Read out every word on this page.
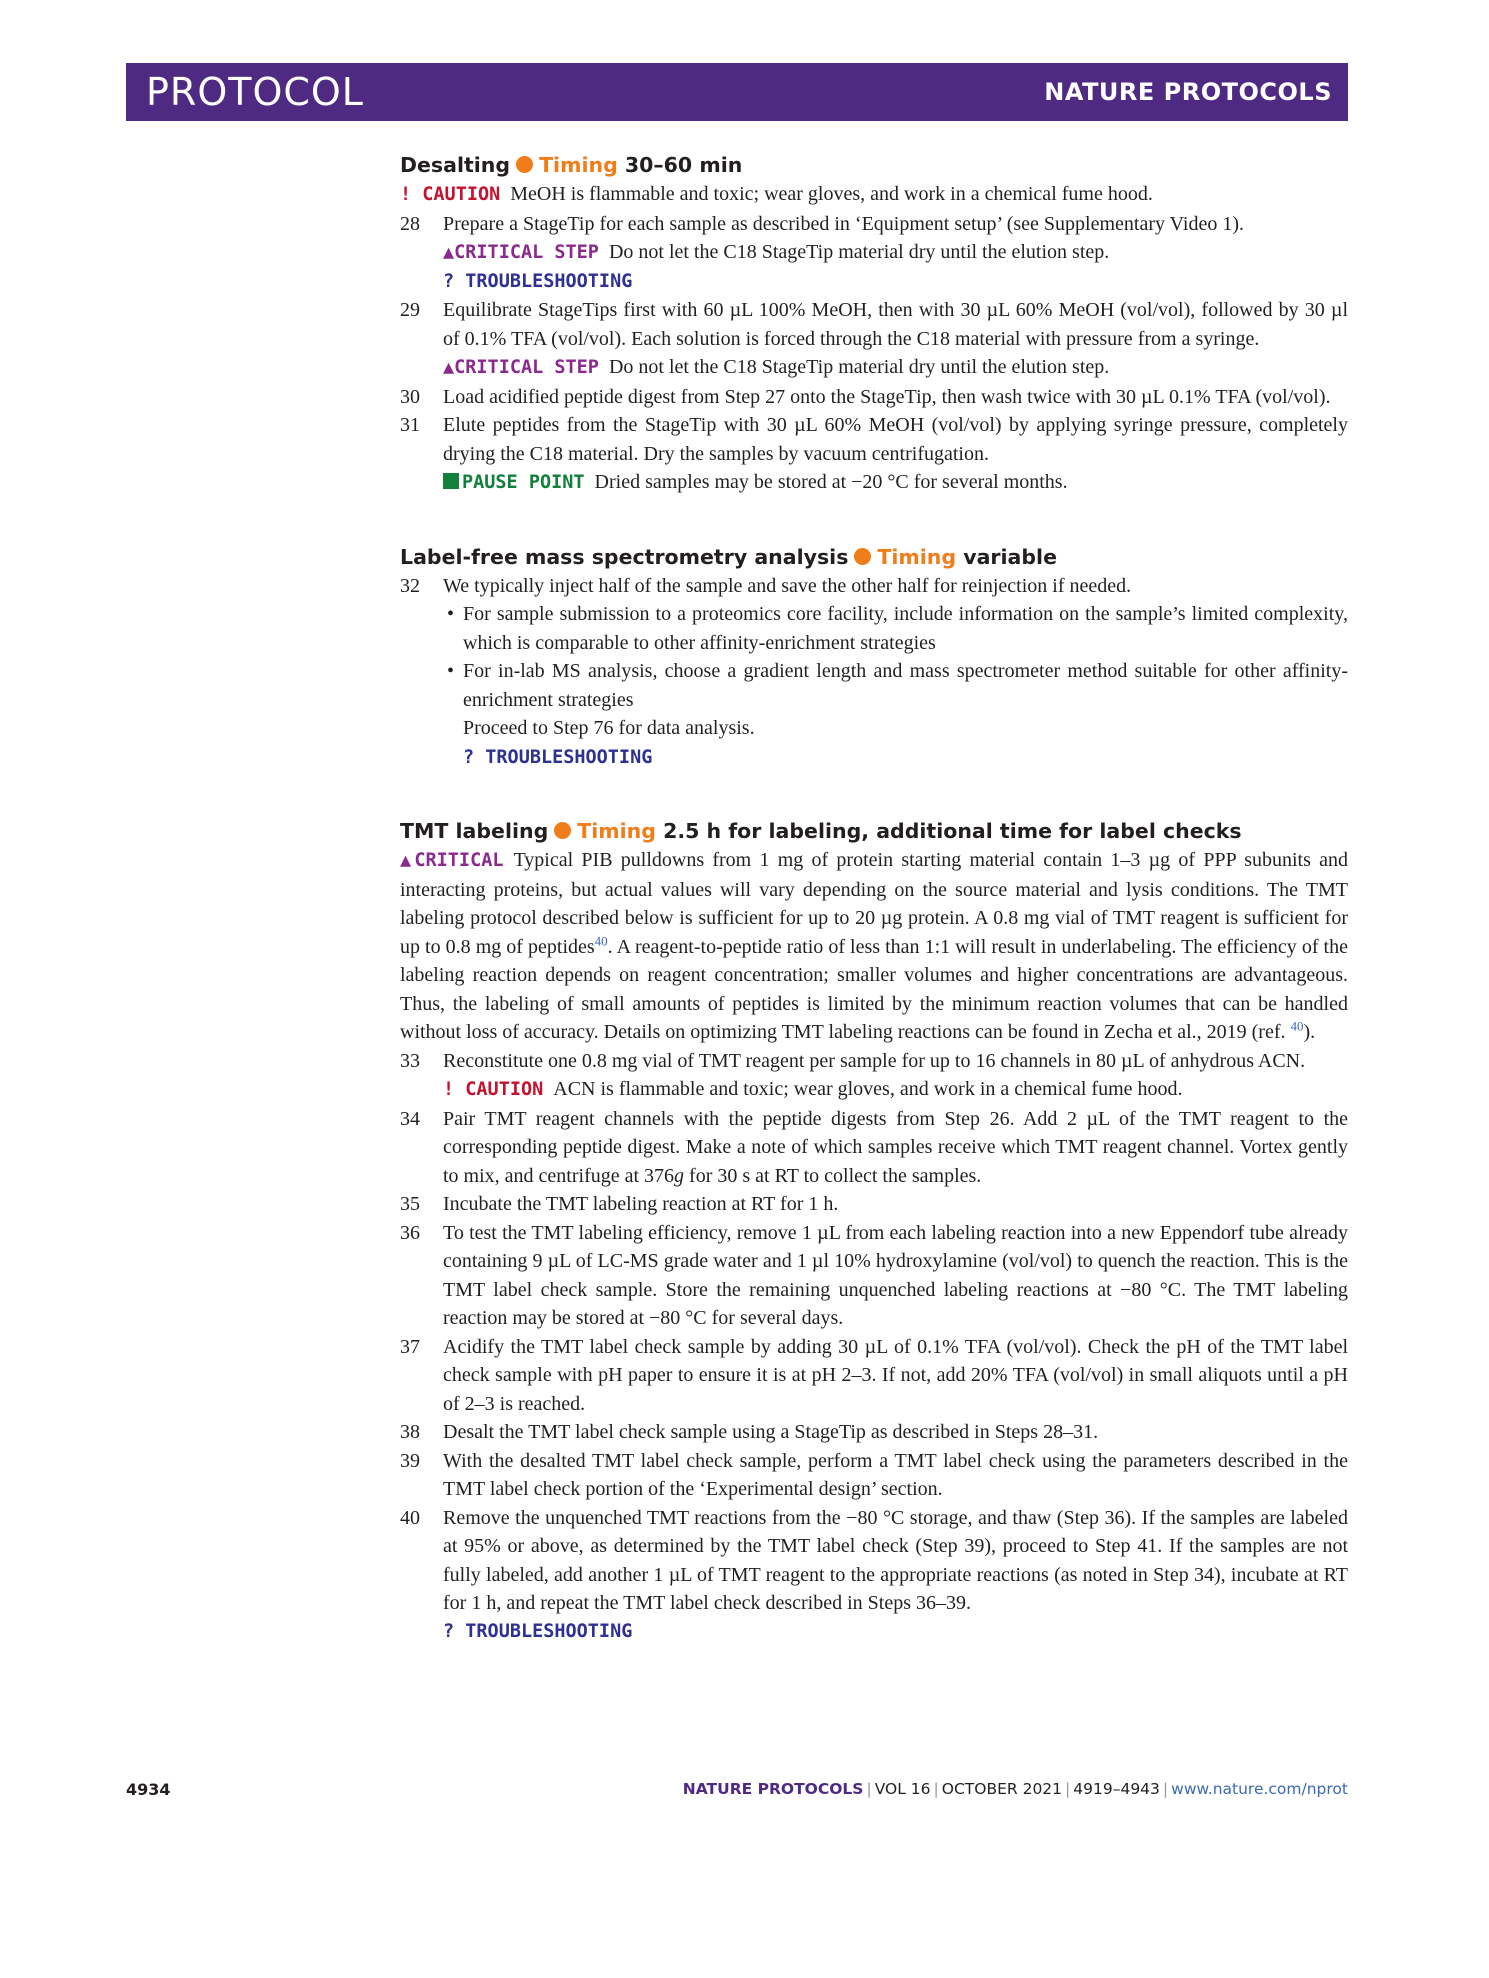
PROTOCOL	NATURE PROTOCOLS
Desalting Timing 30–60 min
! CAUTION MeOH is flammable and toxic; wear gloves, and work in a chemical fume hood.
28 Prepare a StageTip for each sample as described in ‘Equipment setup’ (see Supplementary Video 1).
▲CRITICAL STEP Do not let the C18 StageTip material dry until the elution step.
? TROUBLESHOOTING
29 Equilibrate StageTips first with 60 µL 100% MeOH, then with 30 µL 60% MeOH (vol/vol), followed by 30 µl of 0.1% TFA (vol/vol). Each solution is forced through the C18 material with pressure from a syringe.
▲CRITICAL STEP Do not let the C18 StageTip material dry until the elution step.
30 Load acidified peptide digest from Step 27 onto the StageTip, then wash twice with 30 µL 0.1% TFA (vol/vol).
31 Elute peptides from the StageTip with 30 µL 60% MeOH (vol/vol) by applying syringe pressure, completely drying the C18 material. Dry the samples by vacuum centrifugation.
PAUSE POINT Dried samples may be stored at −20 °C for several months.
Label-free mass spectrometry analysis Timing variable
32 We typically inject half of the sample and save the other half for reinjection if needed.
• For sample submission to a proteomics core facility, include information on the sample’s limited complexity, which is comparable to other affinity-enrichment strategies
• For in-lab MS analysis, choose a gradient length and mass spectrometer method suitable for other affinity-enrichment strategies
Proceed to Step 76 for data analysis.
? TROUBLESHOOTING
TMT labeling Timing 2.5 h for labeling, additional time for label checks
▲CRITICAL Typical PIB pulldowns from 1 mg of protein starting material contain 1–3 µg of PPP subunits and interacting proteins, but actual values will vary depending on the source material and lysis conditions. The TMT labeling protocol described below is sufficient for up to 20 µg protein. A 0.8 mg vial of TMT reagent is sufficient for up to 0.8 mg of peptides$^{40}$. A reagent-to-peptide ratio of less than 1:1 will result in underlabeling. The efficiency of the labeling reaction depends on reagent concentration; smaller volumes and higher concentrations are advantageous. Thus, the labeling of small amounts of peptides is limited by the minimum reaction volumes that can be handled without loss of accuracy. Details on optimizing TMT labeling reactions can be found in Zecha et al., 2019 (ref. $^{40}$).
33 Reconstitute one 0.8 mg vial of TMT reagent per sample for up to 16 channels in 80 µL of anhydrous ACN.
! CAUTION ACN is flammable and toxic; wear gloves, and work in a chemical fume hood.
34 Pair TMT reagent channels with the peptide digests from Step 26. Add 2 µL of the TMT reagent to the corresponding peptide digest. Make a note of which samples receive which TMT reagent channel. Vortex gently to mix, and centrifuge at 376g for 30 s at RT to collect the samples.
35 Incubate the TMT labeling reaction at RT for 1 h.
36 To test the TMT labeling efficiency, remove 1 µL from each labeling reaction into a new Eppendorf tube already containing 9 µL of LC-MS grade water and 1 µl 10% hydroxylamine (vol/vol) to quench the reaction. This is the TMT label check sample. Store the remaining unquenched labeling reactions at −80 °C. The TMT labeling reaction may be stored at −80 °C for several days.
37 Acidify the TMT label check sample by adding 30 µL of 0.1% TFA (vol/vol). Check the pH of the TMT label check sample with pH paper to ensure it is at pH 2–3. If not, add 20% TFA (vol/vol) in small aliquots until a pH of 2–3 is reached.
38 Desalt the TMT label check sample using a StageTip as described in Steps 28–31.
39 With the desalted TMT label check sample, perform a TMT label check using the parameters described in the TMT label check portion of the ‘Experimental design’ section.
40 Remove the unquenched TMT reactions from the −80 °C storage, and thaw (Step 36). If the samples are labeled at 95% or above, as determined by the TMT label check (Step 39), proceed to Step 41. If the samples are not fully labeled, add another 1 µL of TMT reagent to the appropriate reactions (as noted in Step 34), incubate at RT for 1 h, and repeat the TMT label check described in Steps 36–39.
? TROUBLESHOOTING
4934	NATURE PROTOCOLS | VOL 16 | OCTOBER 2021 | 4919–4943 | www.nature.com/nprot
